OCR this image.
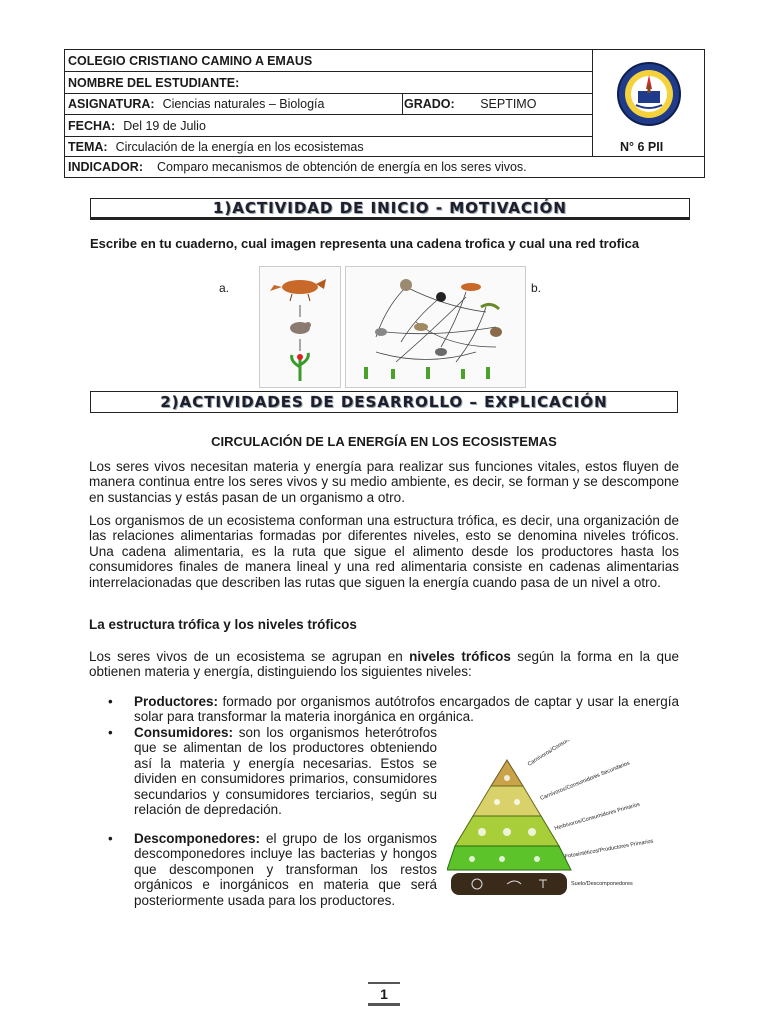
COLEGIO CRISTIANO CAMINO A EMAUS
NOMBRE DEL ESTUDIANTE:
ASIGNATURA: Ciencias naturales – Biología	GRADO: SEPTIMO
FECHA: Del 19 de Julio
TEMA: Circulación de la energía en los ecosistemas	N° 6 PII
INDICADOR: Comparo mecanismos de obtención de energía en los seres vivos.
1)ACTIVIDAD DE INICIO - MOTIVACIÓN
Escribe en tu cuaderno, cual imagen representa una cadena trofica y cual una red trofica
a.	b.
2)ACTIVIDADES DE DESARROLLO – EXPLICACIÓN
CIRCULACIÓN DE LA ENERGÍA EN LOS ECOSISTEMAS

Los seres vivos necesitan materia y energía para realizar sus funciones vitales, estos fluyen de manera continua entre los seres vivos y su medio ambiente, es decir, se forman y se descompone en sustancias y estás pasan de un organismo a otro.

Los organismos de un ecosistema conforman una estructura trófica, es decir, una organización de las relaciones alimentarias formadas por diferentes niveles, esto se denomina niveles tróficos. Una cadena alimentaria, es la ruta que sigue el alimento desde los productores hasta los consumidores finales de manera lineal y una red alimentaria consiste en cadenas alimentarias interrelacionadas que describen las rutas que siguen la energía cuando pasa de un nivel a otro.

La estructura trófica y los niveles tróficos

Los seres vivos de un ecosistema se agrupan en niveles tróficos según la forma en la que obtienen materia y energía, distinguiendo los siguientes niveles:

• Productores: formado por organismos autótrofos encargados de captar y usar la energía solar para transformar la materia inorgánica en orgánica.
• Consumidores: son los organismos heterótrofos que se alimentan de los productores obteniendo así la materia y energía necesarias. Estos se dividen en consumidores primarios, consumidores secundarios y consumidores terciarios, según su relación de depredación.
• Descomponedores: el grupo de los organismos descomponedores incluye las bacterias y hongos que descomponen y transforman los restos orgánicos e inorgánicos en materia que será posteriormente usada para los productores.
Carnívoros/Consumidores Terciarios
Carnívoros/Consumidores Secundarios
Herbívoros/Consumidores Primarios
Fotosintéticos/Productores Primarios
Suelo/Descomponedores
1
